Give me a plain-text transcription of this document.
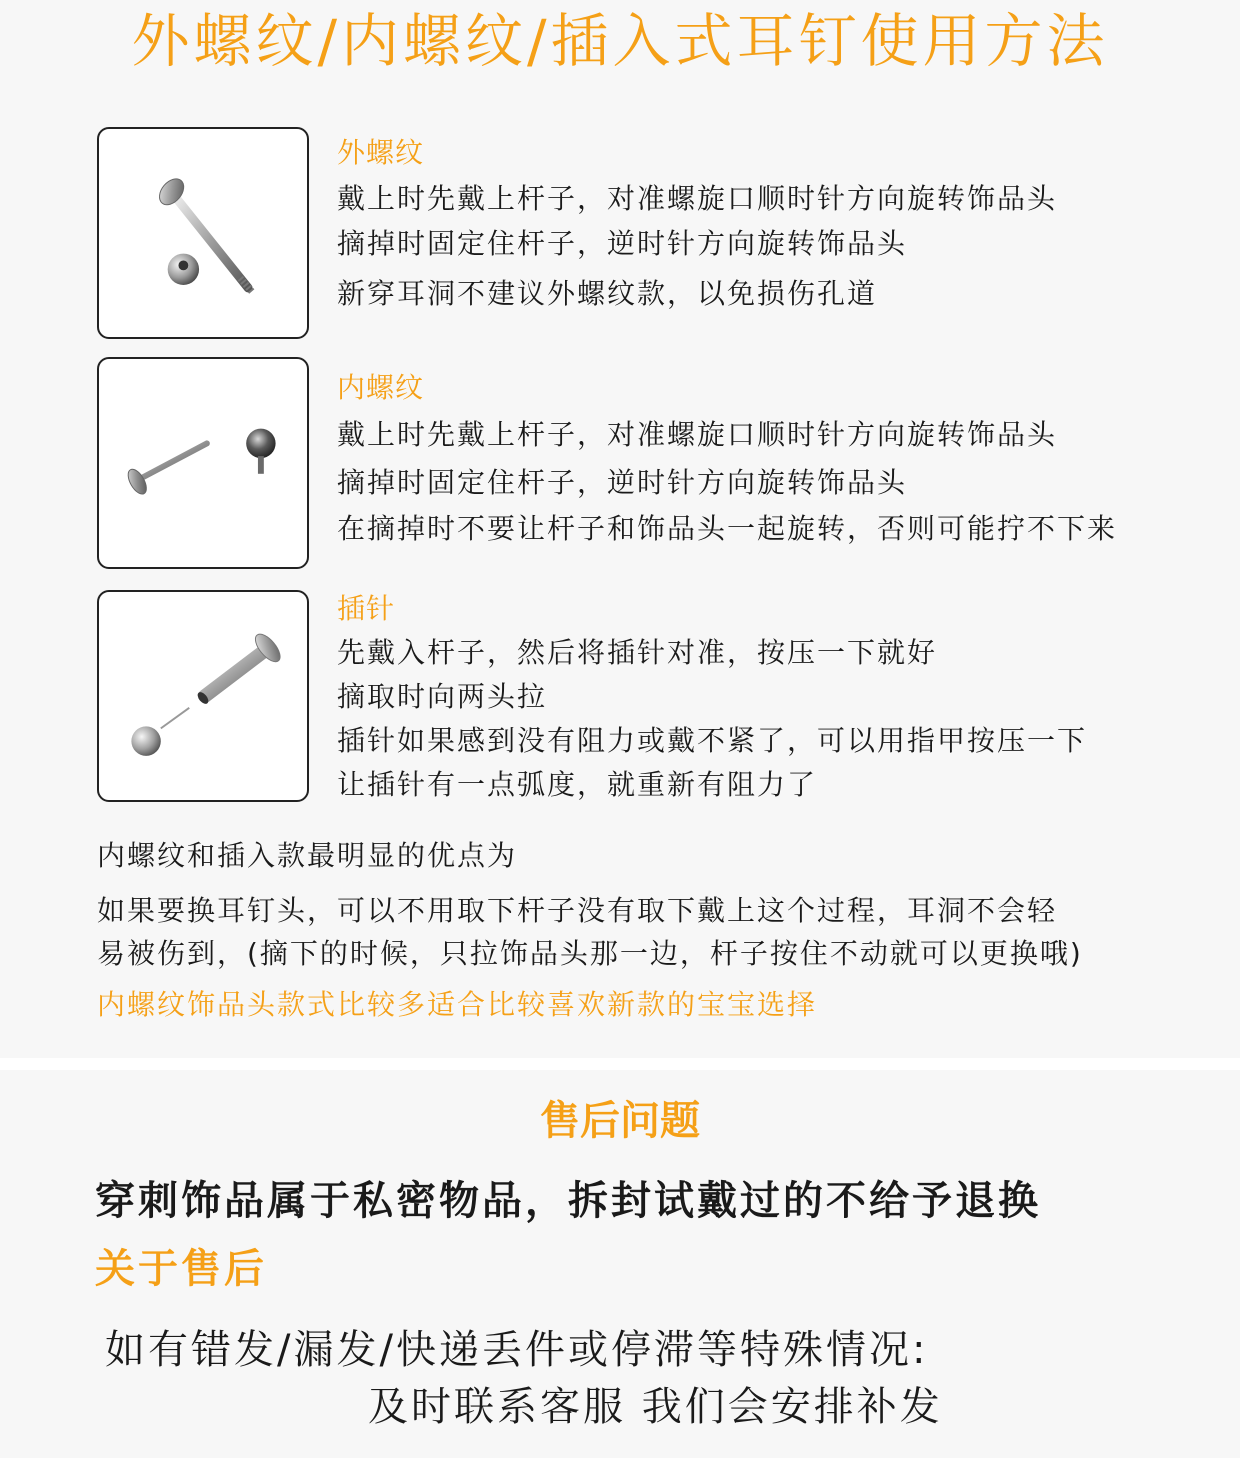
外螺纹/内螺纹/插入式耳钉使用方法
外螺纹
戴上时先戴上杆子，对准螺旋口顺时针方向旋转饰品头
摘掉时固定住杆子，逆时针方向旋转饰品头
新穿耳洞不建议外螺纹款，以免损伤孔道
内螺纹
戴上时先戴上杆子，对准螺旋口顺时针方向旋转饰品头
摘掉时固定住杆子，逆时针方向旋转饰品头
在摘掉时不要让杆子和饰品头一起旋转，否则可能拧不下来
插针
先戴入杆子，然后将插针对准，按压一下就好
摘取时向两头拉
插针如果感到没有阻力或戴不紧了，可以用指甲按压一下
让插针有一点弧度，就重新有阻力了
内螺纹和插入款最明显的优点为
如果要换耳钉头，可以不用取下杆子没有取下戴上这个过程，耳洞不会轻
易被伤到，(摘下的时候，只拉饰品头那一边，杆子按住不动就可以更换哦)
内螺纹饰品头款式比较多适合比较喜欢新款的宝宝选择
售后问题
穿刺饰品属于私密物品，拆封试戴过的不给予退换
关于售后
如有错发/漏发/快递丢件或停滞等特殊情况:
及时联系客服 我们会安排补发
